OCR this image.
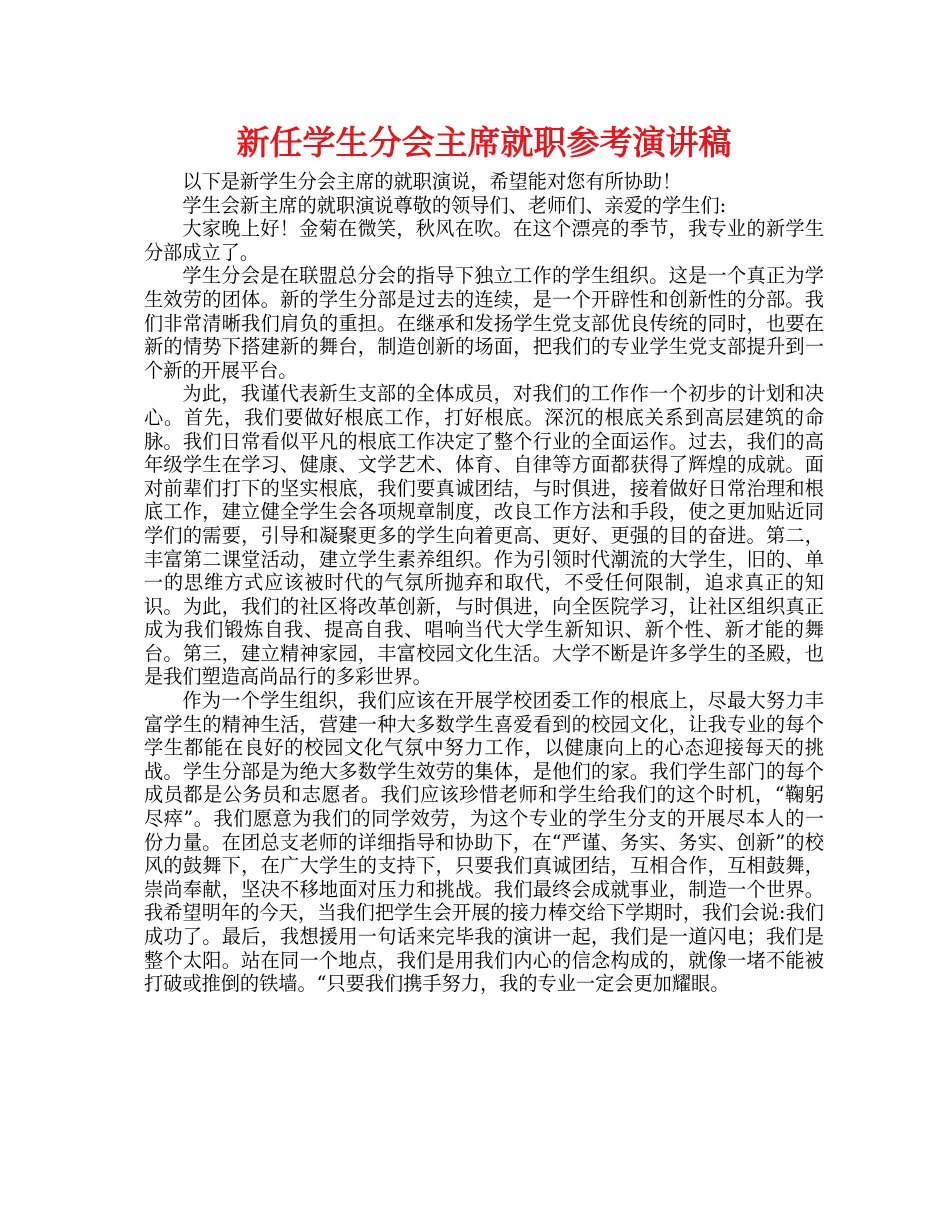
新任学生分会主席就职参考演讲稿

以下是新学生分会主席的就职演说，希望能对您有所协助！

学生会新主席的就职演说尊敬的领导们、老师们、亲爱的学生们:

大家晚上好！金菊在微笑，秋风在吹。在这个漂亮的季节，我专业的新学生分部成立了。

学生分会是在联盟总分会的指导下独立工作的学生组织。这是一个真正为学生效劳的团体。新的学生分部是过去的连续，是一个开辟性和创新性的分部。我们非常清晰我们肩负的重担。在继承和发扬学生党支部优良传统的同时，也要在新的情势下搭建新的舞台，制造创新的场面，把我们的专业学生党支部提升到一个新的开展平台。

为此，我谨代表新生支部的全体成员，对我们的工作作一个初步的计划和决心。首先，我们要做好根底工作，打好根底。深沉的根底关系到高层建筑的命脉。我们日常看似平凡的根底工作决定了整个行业的全面运作。过去，我们的高年级学生在学习、健康、文学艺术、体育、自律等方面都获得了辉煌的成就。面对前辈们打下的坚实根底，我们要真诚团结，与时俱进，接着做好日常治理和根底工作，建立健全学生会各项规章制度，改良工作方法和手段，使之更加贴近同学们的需要，引导和凝聚更多的学生向着更高、更好、更强的目的奋进。第二，丰富第二课堂活动，建立学生素养组织。作为引领时代潮流的大学生，旧的、单一的思维方式应该被时代的气氛所抛弃和取代，不受任何限制，追求真正的知识。为此，我们的社区将改革创新，与时俱进，向全医院学习，让社区组织真正成为我们锻炼自我、提高自我、唱响当代大学生新知识、新个性、新才能的舞台。第三，建立精神家园，丰富校园文化生活。大学不断是许多学生的圣殿，也是我们塑造高尚品行的多彩世界。

作为一个学生组织，我们应该在开展学校团委工作的根底上，尽最大努力丰富学生的精神生活，营建一种大多数学生喜爱看到的校园文化，让我专业的每个学生都能在良好的校园文化气氛中努力工作，以健康向上的心态迎接每天的挑战。学生分部是为绝大多数学生效劳的集体，是他们的家。我们学生部门的每个成员都是公务员和志愿者。我们应该珍惜老师和学生给我们的这个时机，“鞠躬尽瘁”。我们愿意为我们的同学效劳，为这个专业的学生分支的开展尽本人的一份力量。在团总支老师的详细指导和协助下，在“严谨、务实、务实、创新”的校风的鼓舞下，在广大学生的支持下，只要我们真诚团结，互相合作，互相鼓舞，崇尚奉献，坚决不移地面对压力和挑战。我们最终会成就事业，制造一个世界。我希望明年的今天，当我们把学生会开展的接力棒交给下学期时，我们会说:我们成功了。最后，我想援用一句话来完毕我的演讲一起，我们是一道闪电；我们是整个太阳。站在同一个地点，我们是用我们内心的信念构成的，就像一堵不能被打破或推倒的铁墙。“只要我们携手努力，我的专业一定会更加耀眼。
